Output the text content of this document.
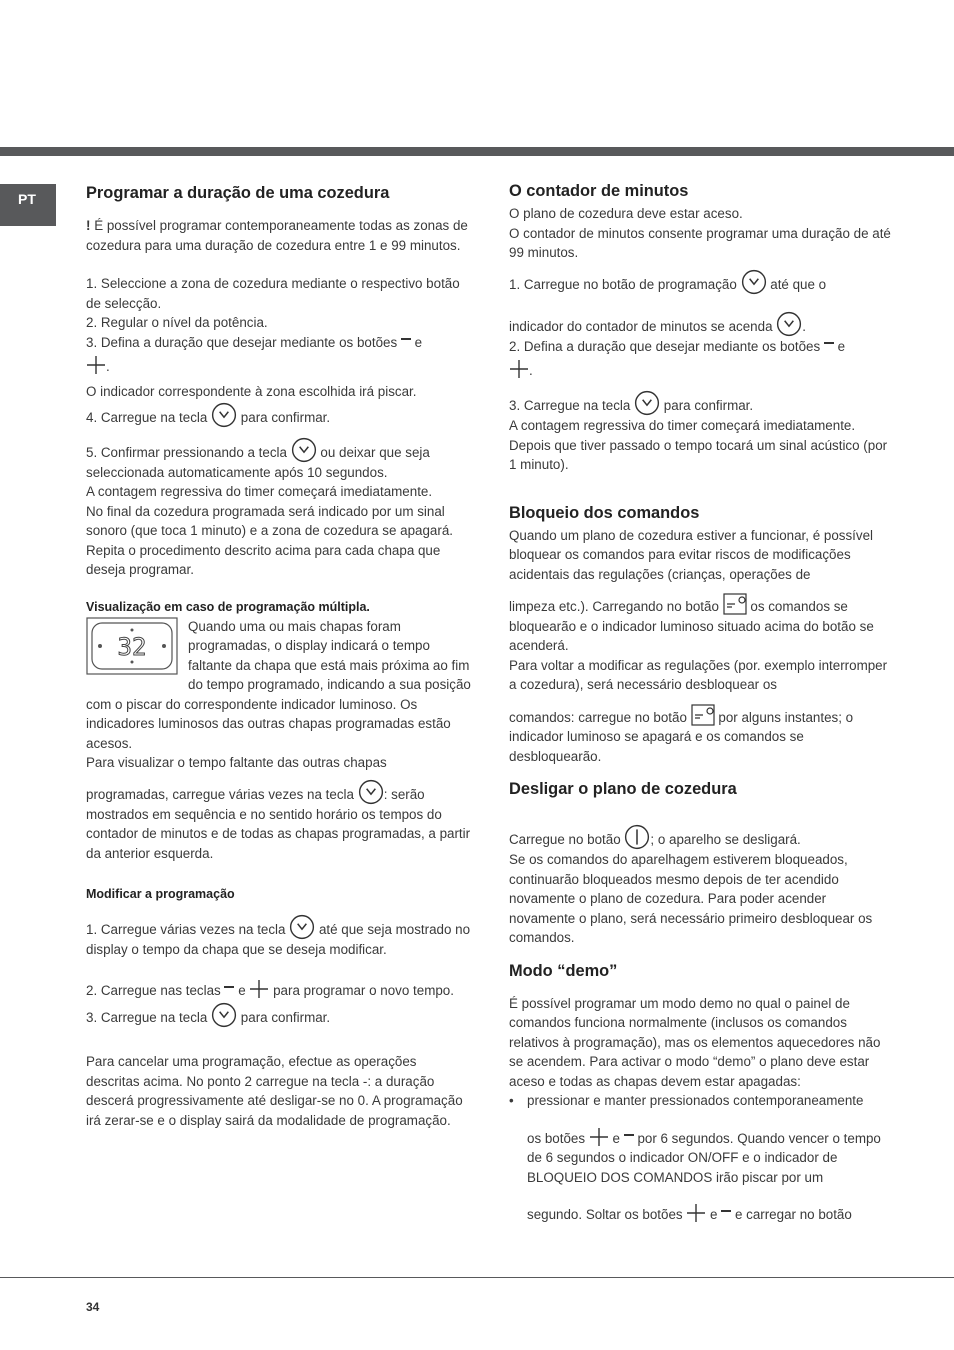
PT	Programar a duração de uma cozedura

! É possível programar contemporaneamente todas as zonas de cozedura para uma duração de cozedura entre 1 e 99 minutos.

1. Seleccione a zona de cozedura mediante o respectivo botão de selecção.

2. Regular o nível da potência.

3. Defina a duração que desejar mediante os botões  e

.

O indicador correspondente à zona escolhida irá piscar.

4. Carregue na tecla  para confirmar.

5. Confirmar pressionando a tecla  ou deixar que seja seleccionada automaticamente após 10 segundos.

A contagem regressiva do timer começará imediatamente.

No final da cozedura programada será indicado por um sinal sonoro (que toca 1 minuto) e a zona de cozedura se apagará.

Repita o procedimento descrito acima para cada chapa que deseja programar.

Visualização em caso de programação múltipla.
32

Quando uma ou mais chapas foram programadas, o display indicará o tempo faltante da chapa que está mais próxima ao fim do tempo programado, indicando a sua posição com o piscar do correspondente indicador luminoso. Os indicadores luminosos das outras chapas programadas estão acesos.

Para visualizar o tempo faltante das outras chapas

programadas, carregue várias vezes na tecla : serão mostrados em sequência e no sentido horário os tempos do contador de minutos e de todas as chapas programadas, a partir da anterior esquerda.

Modificar a programação

1. Carregue várias vezes na tecla  até que seja mostrado no display o tempo da chapa que se deseja modificar.

2. Carregue nas teclas  e  para programar o novo tempo.

3. Carregue na tecla  para confirmar.

Para cancelar uma programação, efectue as operações descritas acima. No ponto 2 carregue na tecla -: a duração descerá progressivamente até desligar-se no 0. A programação irá zerar-se e o display sairá da modalidade de programação.

O contador de minutos

O plano de cozedura deve estar aceso.

O contador de minutos consente programar uma duração de até 99 minutos.

1. Carregue no botão de programação  até que o

indicador do contador de minutos se acenda .

2. Defina a duração que desejar mediante os botões  e

.

3. Carregue na tecla  para confirmar.

A contagem regressiva do timer começará imediatamente. Depois que tiver passado o tempo tocará um sinal acústico (por 1 minuto).

Bloqueio dos comandos

Quando um plano de cozedura estiver a funcionar, é possível bloquear os comandos para evitar riscos de modificações acidentais das regulações (crianças, operações de

limpeza etc.). Carregando no botão  os comandos se bloquearão e o indicador luminoso situado acima do botão se acenderá.

Para voltar a modificar as regulações (por. exemplo interromper a cozedura), será necessário desbloquear os

comandos: carregue no botão  por alguns instantes; o indicador luminoso se apagará e os comandos se desbloquearão.

Desligar o plano de cozedura

Carregue no botão ; o aparelho se desligará.

Se os comandos do aparelhagem estiverem bloqueados, continuarão bloqueados mesmo depois de ter acendido novamente o plano de cozedura. Para poder acender novamente o plano, será necessário primeiro desbloquear os comandos.

Modo “demo”

É possível programar um modo demo no qual o painel de comandos funciona normalmente (inclusos os comandos relativos à programação), mas os elementos aquecedores não se acendem. Para activar o modo “demo” o plano deve estar aceso e todas as chapas devem estar apagadas:

• pressionar e manter pressionados contemporaneamente

os botões  e  por 6 segundos. Quando vencer o tempo de 6 segundos o indicador ON/OFF e o indicador de BLOQUEIO DOS COMANDOS irão piscar por um

segundo. Soltar os botões  e  e carregar no botão

34
